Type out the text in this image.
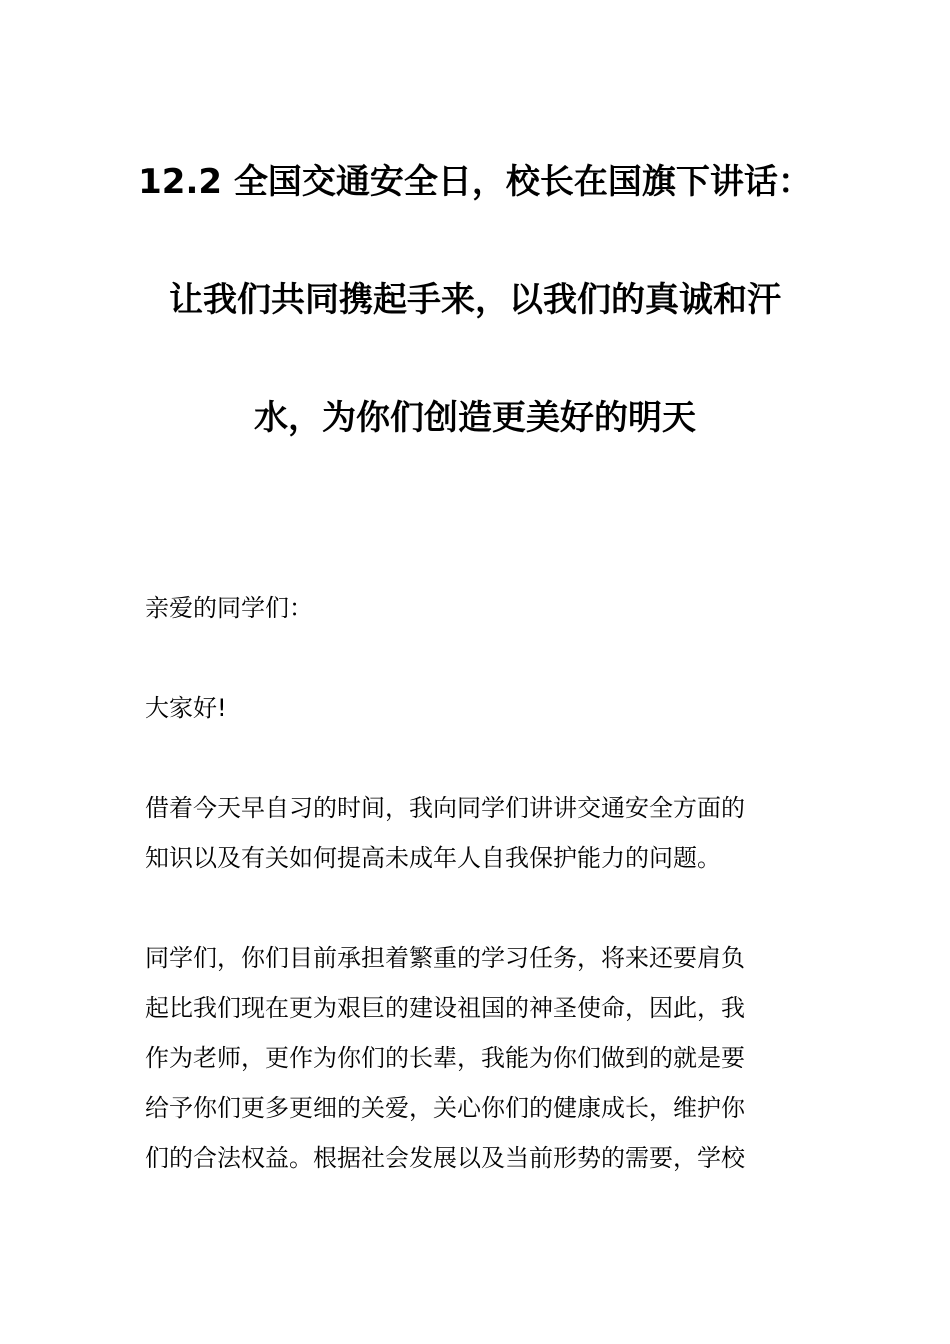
12.2 全国交通安全日，校长在国旗下讲话：
让我们共同携起手来，以我们的真诚和汗
水，为你们创造更美好的明天

亲爱的同学们：

大家好!

借着今天早自习的时间，我向同学们讲讲交通安全方面的
知识以及有关如何提高未成年人自我保护能力的问题。

同学们，你们目前承担着繁重的学习任务，将来还要肩负
起比我们现在更为艰巨的建设祖国的神圣使命，因此，我
作为老师，更作为你们的长辈，我能为你们做到的就是要
给予你们更多更细的关爱，关心你们的健康成长，维护你
们的合法权益。根据社会发展以及当前形势的需要，学校
